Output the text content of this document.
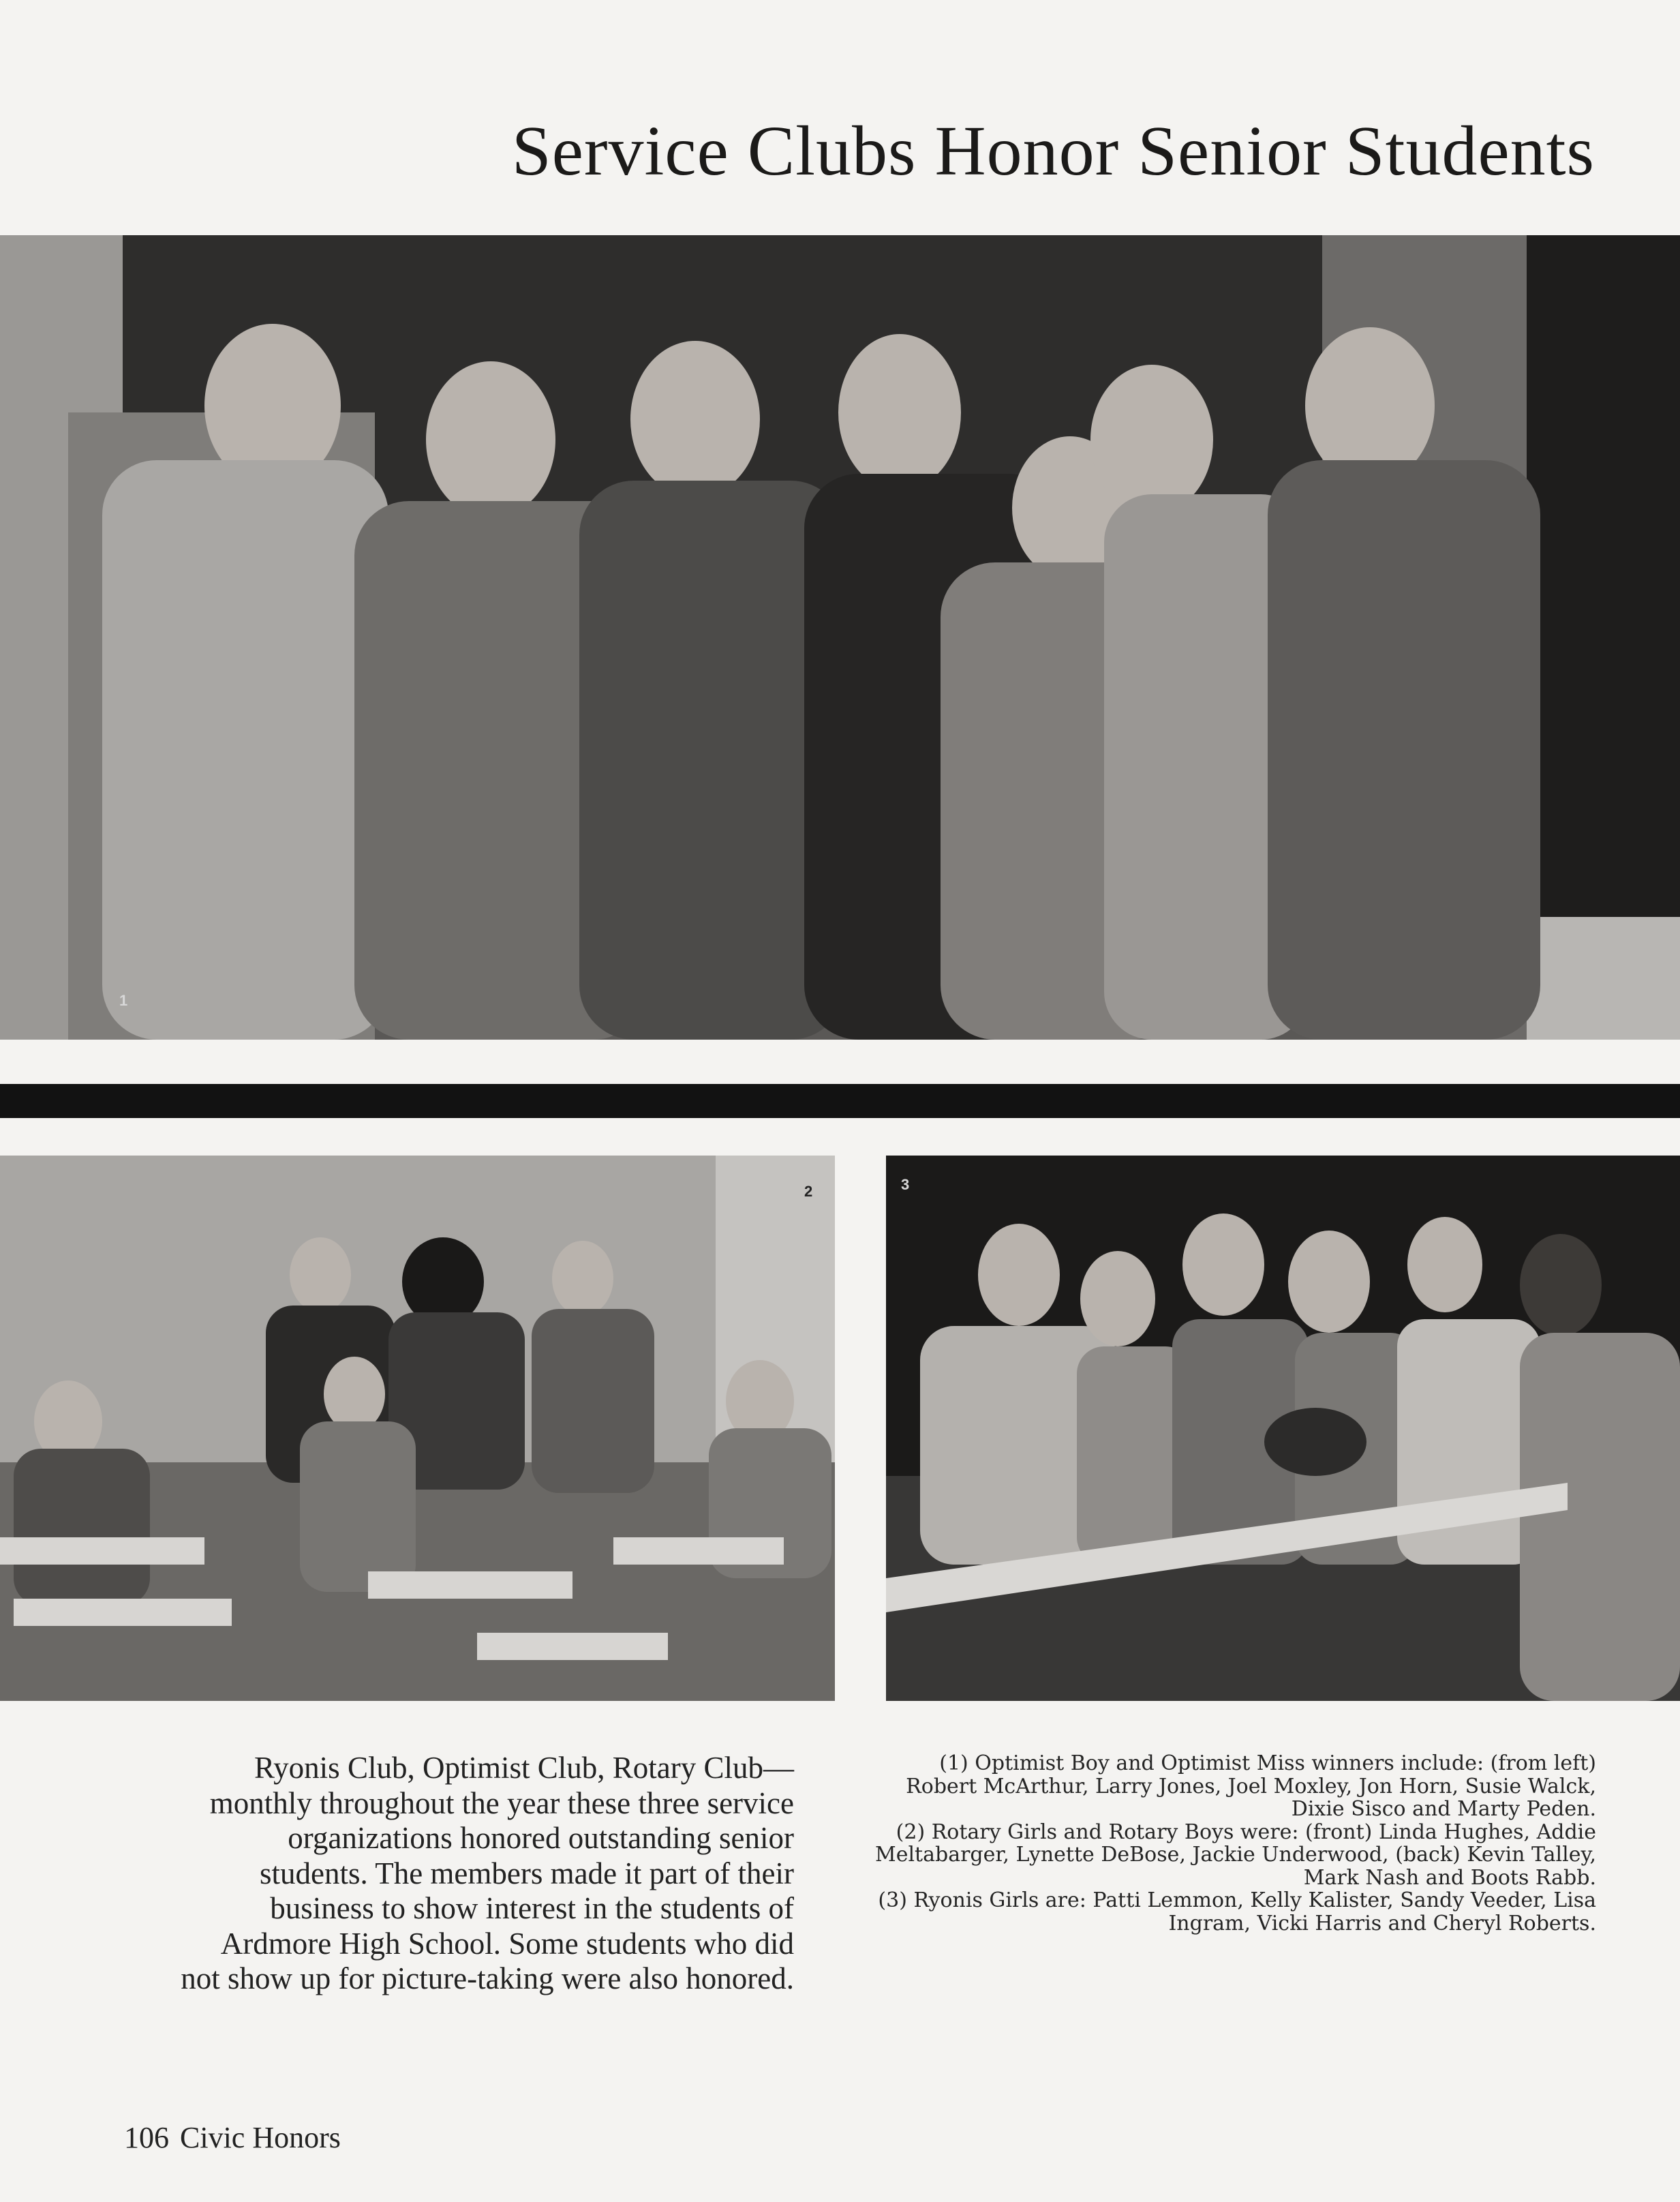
Service Clubs Honor Senior Students
1
2	3
Ryonis Club, Optimist Club, Rotary Club— monthly throughout the year these three service organizations honored outstanding senior students. The members made it part of their business to show interest in the students of Ardmore High School. Some students who did not show up for picture-taking were also honored.

(1) Optimist Boy and Optimist Miss winners include: (from left) Robert McArthur, Larry Jones, Joel Moxley, Jon Horn, Susie Walck, Dixie Sisco and Marty Peden.

(2) Rotary Girls and Rotary Boys were: (front) Linda Hughes, Addie Meltabarger, Lynette DeBose, Jackie Underwood, (back) Kevin Talley, Mark Nash and Boots Rabb.

(3) Ryonis Girls are: Patti Lemmon, Kelly Kalister, Sandy Veeder, Lisa Ingram, Vicki Harris and Cheryl Roberts.

106 Civic Honors
